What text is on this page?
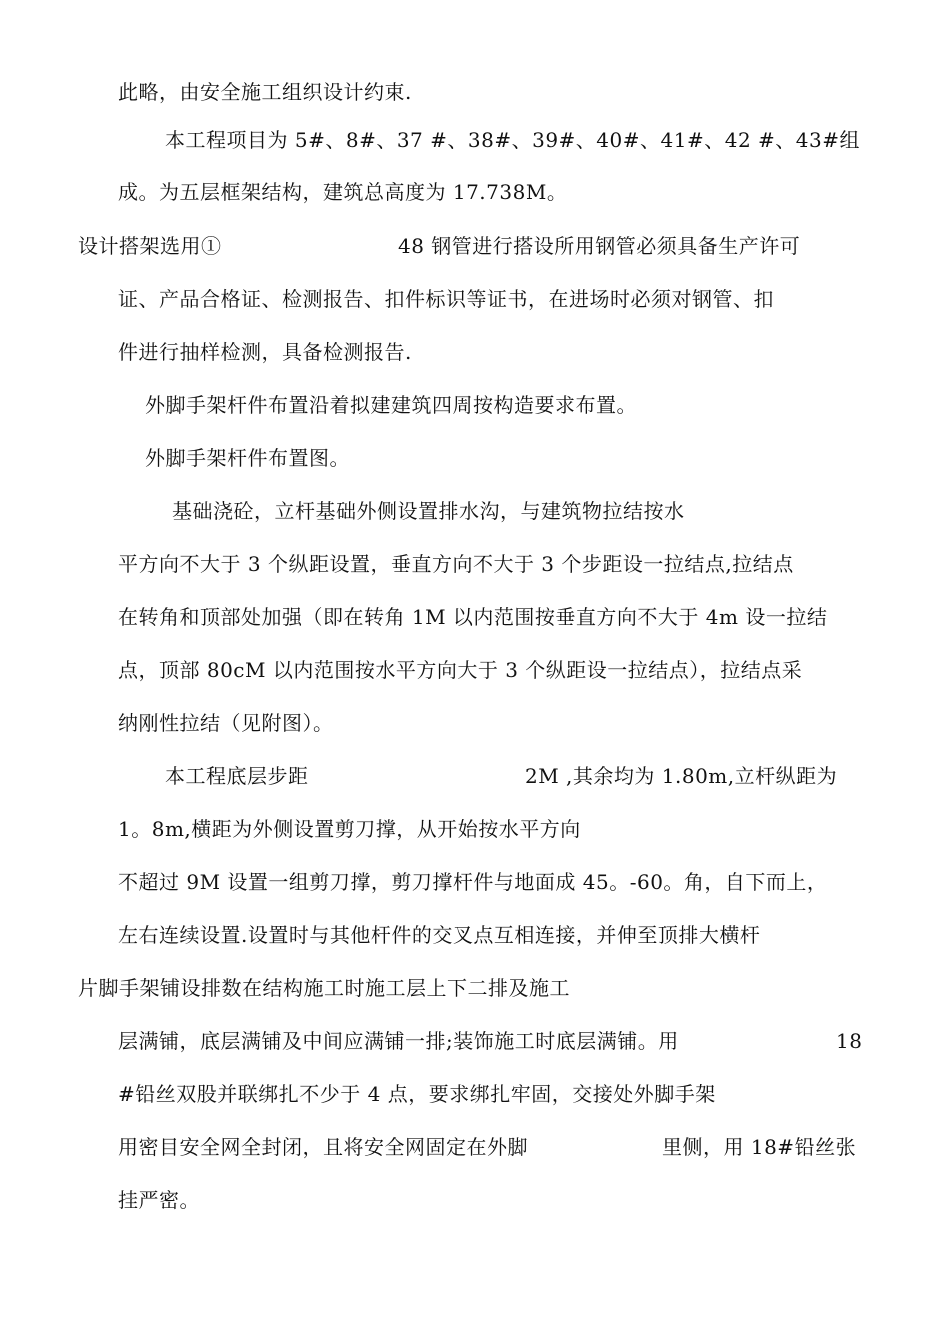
此略，由安全施工组织设计约束.
本工程项目为 5#、8#、37 #、38#、39#、40#、41#、42 #、43#组
成。为五层框架结构，建筑总高度为 17.738M。
设计搭架选用①	48 钢管进行搭设所用钢管必须具备生产许可
证、产品合格证、检测报告、扣件标识等证书，在进场时必须对钢管、扣
件进行抽样检测，具备检测报告.
外脚手架杆件布置沿着拟建建筑四周按构造要求布置。
外脚手架杆件布置图。
基础浇砼，立杆基础外侧设置排水沟，与建筑物拉结按水
平方向不大于 3 个纵距设置，垂直方向不大于 3 个步距设一拉结点,拉结点
在转角和顶部处加强（即在转角 1M 以内范围按垂直方向不大于 4m 设一拉结
点，顶部 80cM 以内范围按水平方向大于 3 个纵距设一拉结点），拉结点采
纳刚性拉结（见附图）。
本工程底层步距	2M ,其余均为 1.80m,立杆纵距为
1。8m,横距为外侧设置剪刀撑，从开始按水平方向
不超过 9M 设置一组剪刀撑，剪刀撑杆件与地面成 45。-60。角，自下而上，
左右连续设置.设置时与其他杆件的交叉点互相连接，并伸至顶排大横杆
片脚手架铺设排数在结构施工时施工层上下二排及施工
层满铺，底层满铺及中间应满铺一排;装饰施工时底层满铺。用	18
#铅丝双股并联绑扎不少于 4 点，要求绑扎牢固，交接处外脚手架
用密目安全网全封闭，且将安全网固定在外脚	里侧，用 18#铅丝张
挂严密。
